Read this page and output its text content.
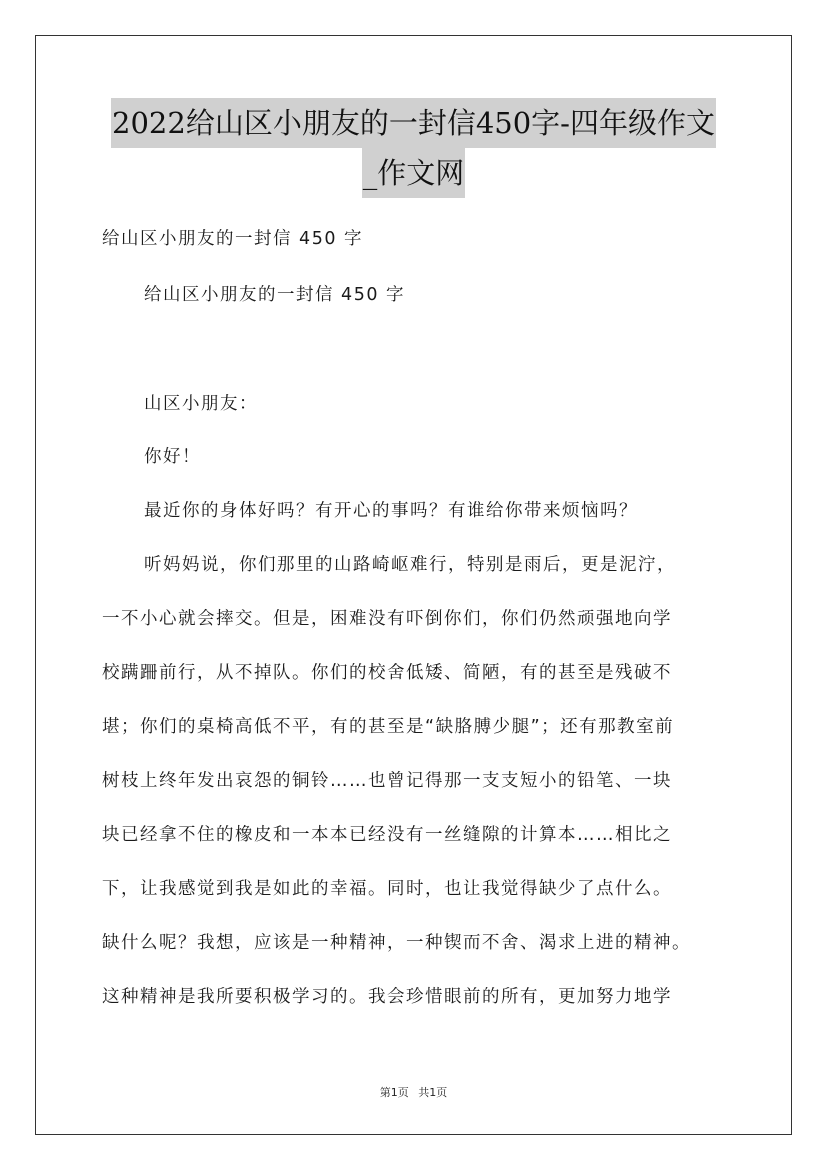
2022给山区小朋友的一封信450字-四年级作文
_作文网
给山区小朋友的一封信 450 字
给山区小朋友的一封信 450 字
山区小朋友：
你好！
最近你的身体好吗？有开心的事吗？有谁给你带来烦恼吗？
听妈妈说，你们那里的山路崎岖难行，特别是雨后，更是泥泞，
一不小心就会摔交。但是，困难没有吓倒你们，你们仍然顽强地向学
校蹒跚前行，从不掉队。你们的校舍低矮、简陋，有的甚至是残破不
堪；你们的桌椅高低不平，有的甚至是“缺胳膊少腿”；还有那教室前
树枝上终年发出哀怨的铜铃……也曾记得那一支支短小的铅笔、一块
块已经拿不住的橡皮和一本本已经没有一丝缝隙的计算本……相比之
下，让我感觉到我是如此的幸福。同时，也让我觉得缺少了点什么。
缺什么呢？我想，应该是一种精神，一种锲而不舍、渴求上进的精神。
这种精神是我所要积极学习的。我会珍惜眼前的所有，更加努力地学
第1页 共1页
